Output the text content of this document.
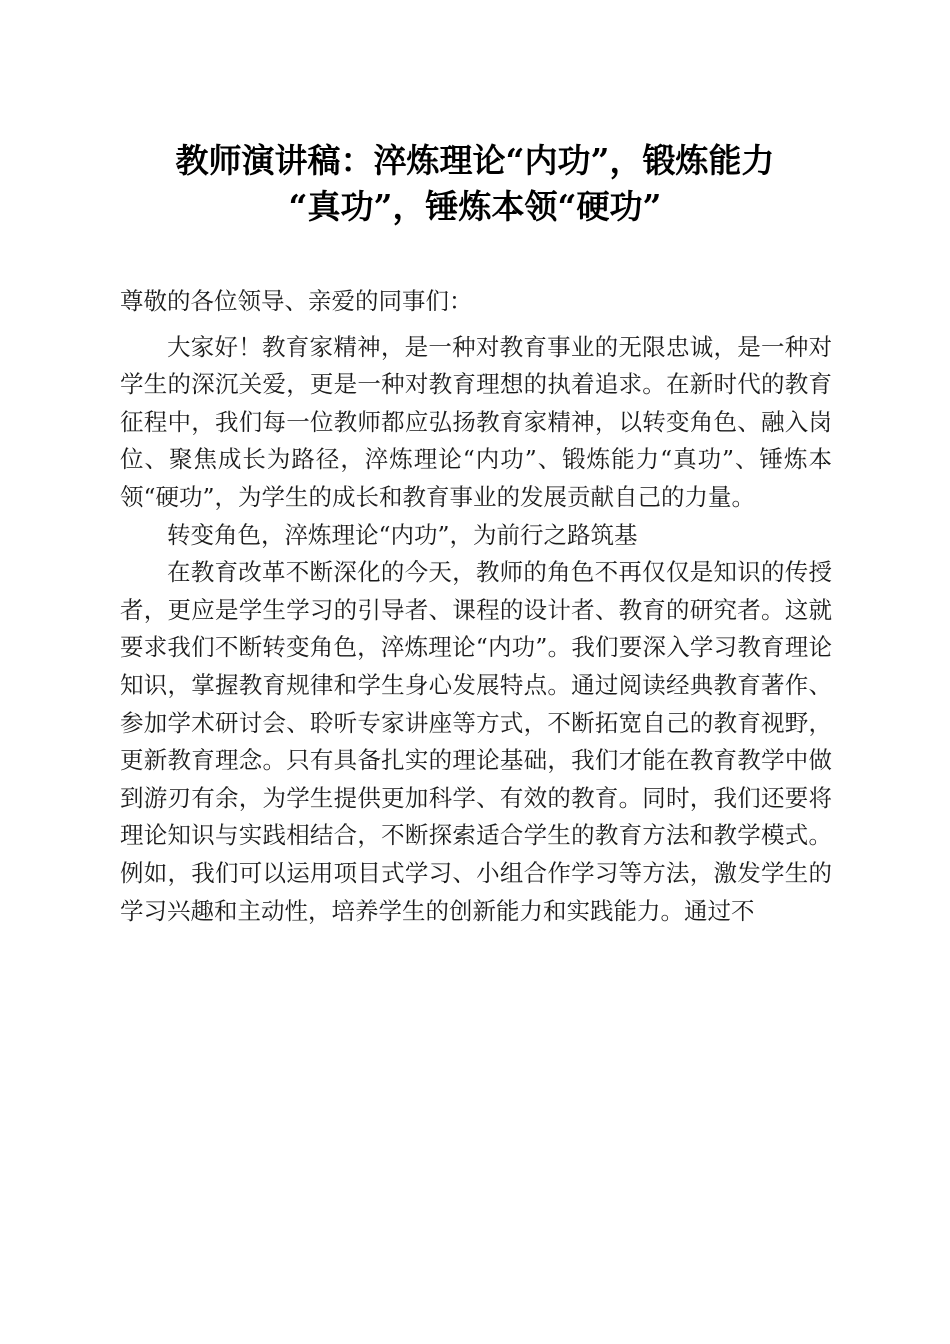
教师演讲稿：淬炼理论“内功”，锻炼能力
“真功”，锤炼本领“硬功”

尊敬的各位领导、亲爱的同事们：

大家好！教育家精神，是一种对教育事业的无限忠诚，是一种对学生的深沉关爱，更是一种对教育理想的执着追求。在新时代的教育征程中，我们每一位教师都应弘扬教育家精神，以转变角色、融入岗位、聚焦成长为路径，淬炼理论“内功”、锻炼能力“真功”、锤炼本领“硬功”，为学生的成长和教育事业的发展贡献自己的力量。

转变角色，淬炼理论“内功”，为前行之路筑基

在教育改革不断深化的今天，教师的角色不再仅仅是知识的传授者，更应是学生学习的引导者、课程的设计者、教育的研究者。这就要求我们不断转变角色，淬炼理论“内功”。我们要深入学习教育理论知识，掌握教育规律和学生身心发展特点。通过阅读经典教育著作、参加学术研讨会、聆听专家讲座等方式，不断拓宽自己的教育视野，更新教育理念。只有具备扎实的理论基础，我们才能在教育教学中做到游刃有余，为学生提供更加科学、有效的教育。同时，我们还要将理论知识与实践相结合，不断探索适合学生的教育方法和教学模式。例如，我们可以运用项目式学习、小组合作学习等方法，激发学生的学习兴趣和主动性，培养学生的创新能力和实践能力。通过不
